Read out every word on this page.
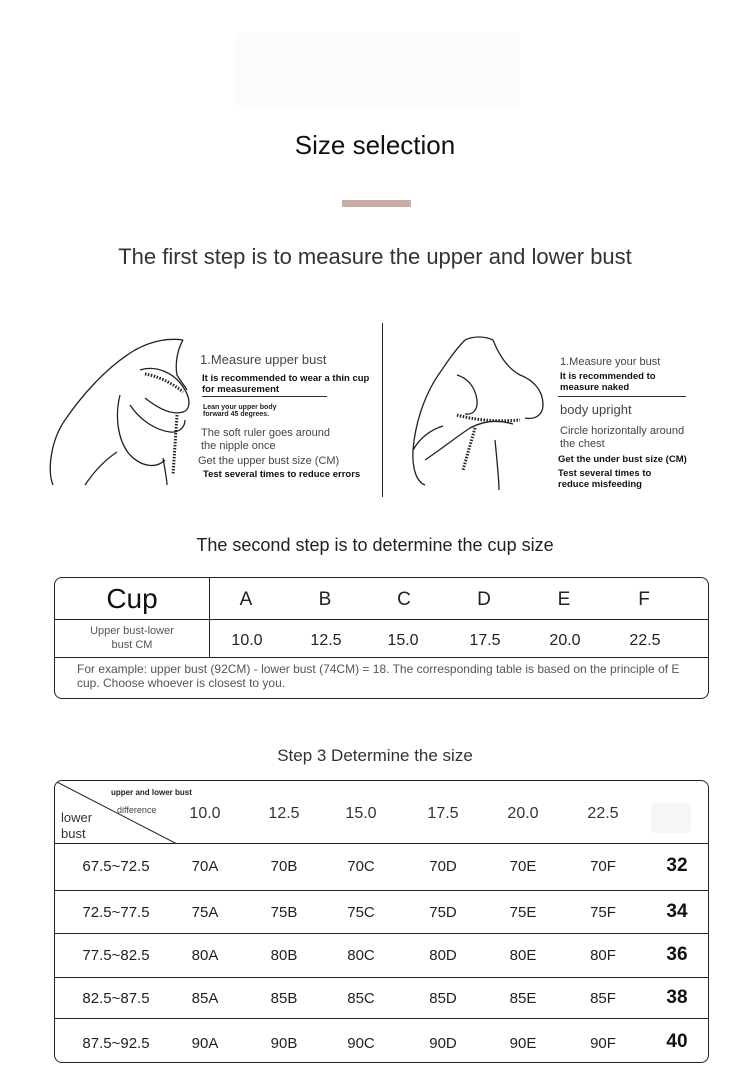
Size selection
The first step is to measure the upper and lower bust
1.Measure upper bust
It is recommended to wear a thin cup
for measurement
Lean your upper body
forward 45 degrees.
The soft ruler goes around
the nipple once
Get the upper bust size (CM)
Test several times to reduce errors
1.Measure your bust
It is recommended to
measure naked
body upright
Circle horizontally around
the chest
Get the under bust size (CM)
Test several times to
reduce misfeeding
The second step is to determine the cup size
Cup	A	B	C	D	E	F
Upper bust-lower
bust CM	10.0	12.5	15.0	17.5	20.0	22.5
For example: upper bust (92CM) - lower bust (74CM) = 18. The corresponding table is based on the principle of E cup. Choose whoever is closest to you.
Step 3 Determine the size
upper and lower bust
difference
lower
bust
10.0	12.5	15.0	17.5	20.0	22.5
67.5~72.5	70A	70B	70C	70D	70E	70F	32
72.5~77.5	75A	75B	75C	75D	75E	75F	34
77.5~82.5	80A	80B	80C	80D	80E	80F	36
82.5~87.5	85A	85B	85C	85D	85E	85F	38
87.5~92.5	90A	90B	90C	90D	90E	90F	40
